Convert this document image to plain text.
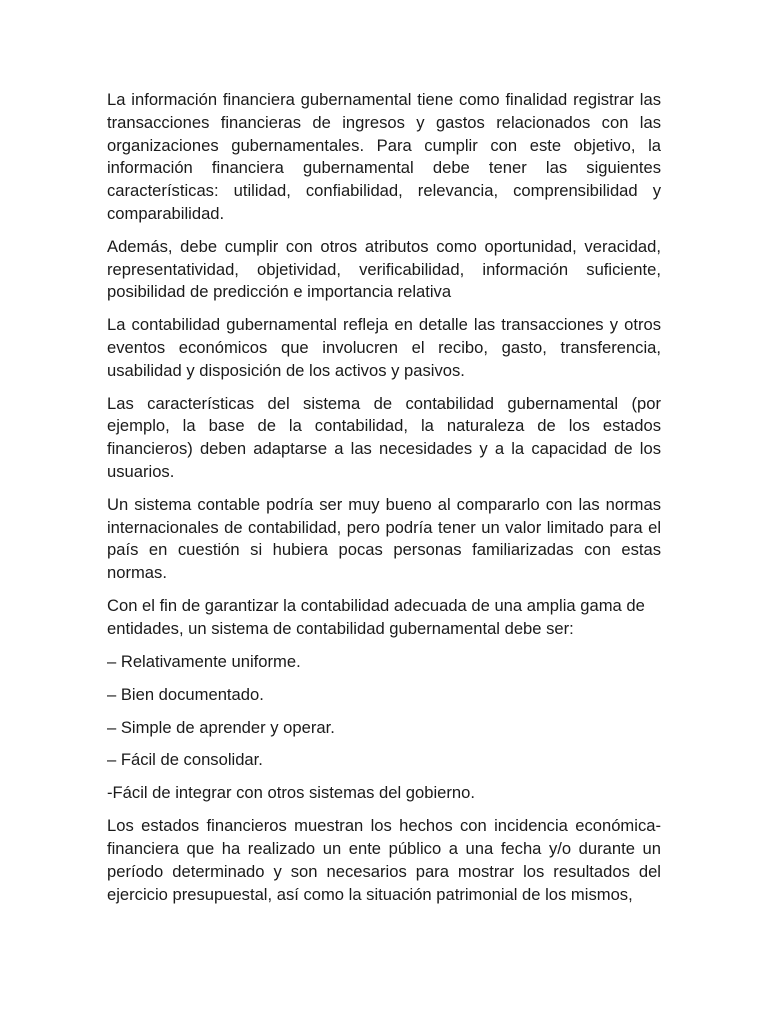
La información financiera gubernamental tiene como finalidad registrar las transacciones financieras de ingresos y gastos relacionados con las organizaciones gubernamentales. Para cumplir con este objetivo, la información financiera gubernamental debe tener las siguientes características: utilidad, confiabilidad, relevancia, comprensibilidad y comparabilidad.

Además, debe cumplir con otros atributos como oportunidad, veracidad, representatividad, objetividad, verificabilidad, información suficiente, posibilidad de predicción e importancia relativa

La contabilidad gubernamental refleja en detalle las transacciones y otros eventos económicos que involucren el recibo, gasto, transferencia, usabilidad y disposición de los activos y pasivos.

Las características del sistema de contabilidad gubernamental (por ejemplo, la base de la contabilidad, la naturaleza de los estados financieros) deben adaptarse a las necesidades y a la capacidad de los usuarios.

Un sistema contable podría ser muy bueno al compararlo con las normas internacionales de contabilidad, pero podría tener un valor limitado para el país en cuestión si hubiera pocas personas familiarizadas con estas normas.

Con el fin de garantizar la contabilidad adecuada de una amplia gama de entidades, un sistema de contabilidad gubernamental debe ser:

– Relativamente uniforme.

– Bien documentado.

– Simple de aprender y operar.

– Fácil de consolidar.

-Fácil de integrar con otros sistemas del gobierno.

Los estados financieros muestran los hechos con incidencia económica-financiera que ha realizado un ente público a una fecha y/o durante un período determinado y son necesarios para mostrar los resultados del ejercicio presupuestal, así como la situación patrimonial de los mismos,
